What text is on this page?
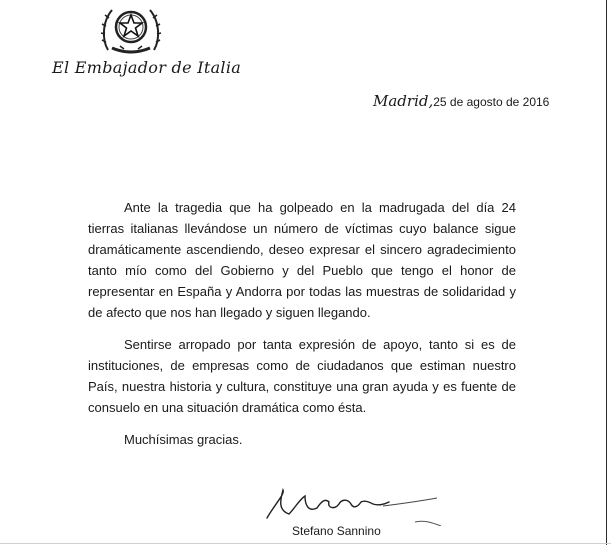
El Embajador de Italia
Madrid,25 de agosto de 2016

Ante la tragedia que ha golpeado en la madrugada del día 24 tierras italianas llevándose un número de víctimas cuyo balance sigue dramáticamente ascendiendo, deseo expresar el sincero agradecimiento tanto mío como del Gobierno y del Pueblo que tengo el honor de representar en España y Andorra por todas las muestras de solidaridad y de afecto que nos han llegado y siguen llegando.

Sentirse arropado por tanta expresión de apoyo, tanto si es de instituciones, de empresas como de ciudadanos que estiman nuestro País, nuestra historia y cultura, constituye una gran ayuda y es fuente de consuelo en una situación dramática como ésta.

Muchísimas gracias.

Stefano Sannino
